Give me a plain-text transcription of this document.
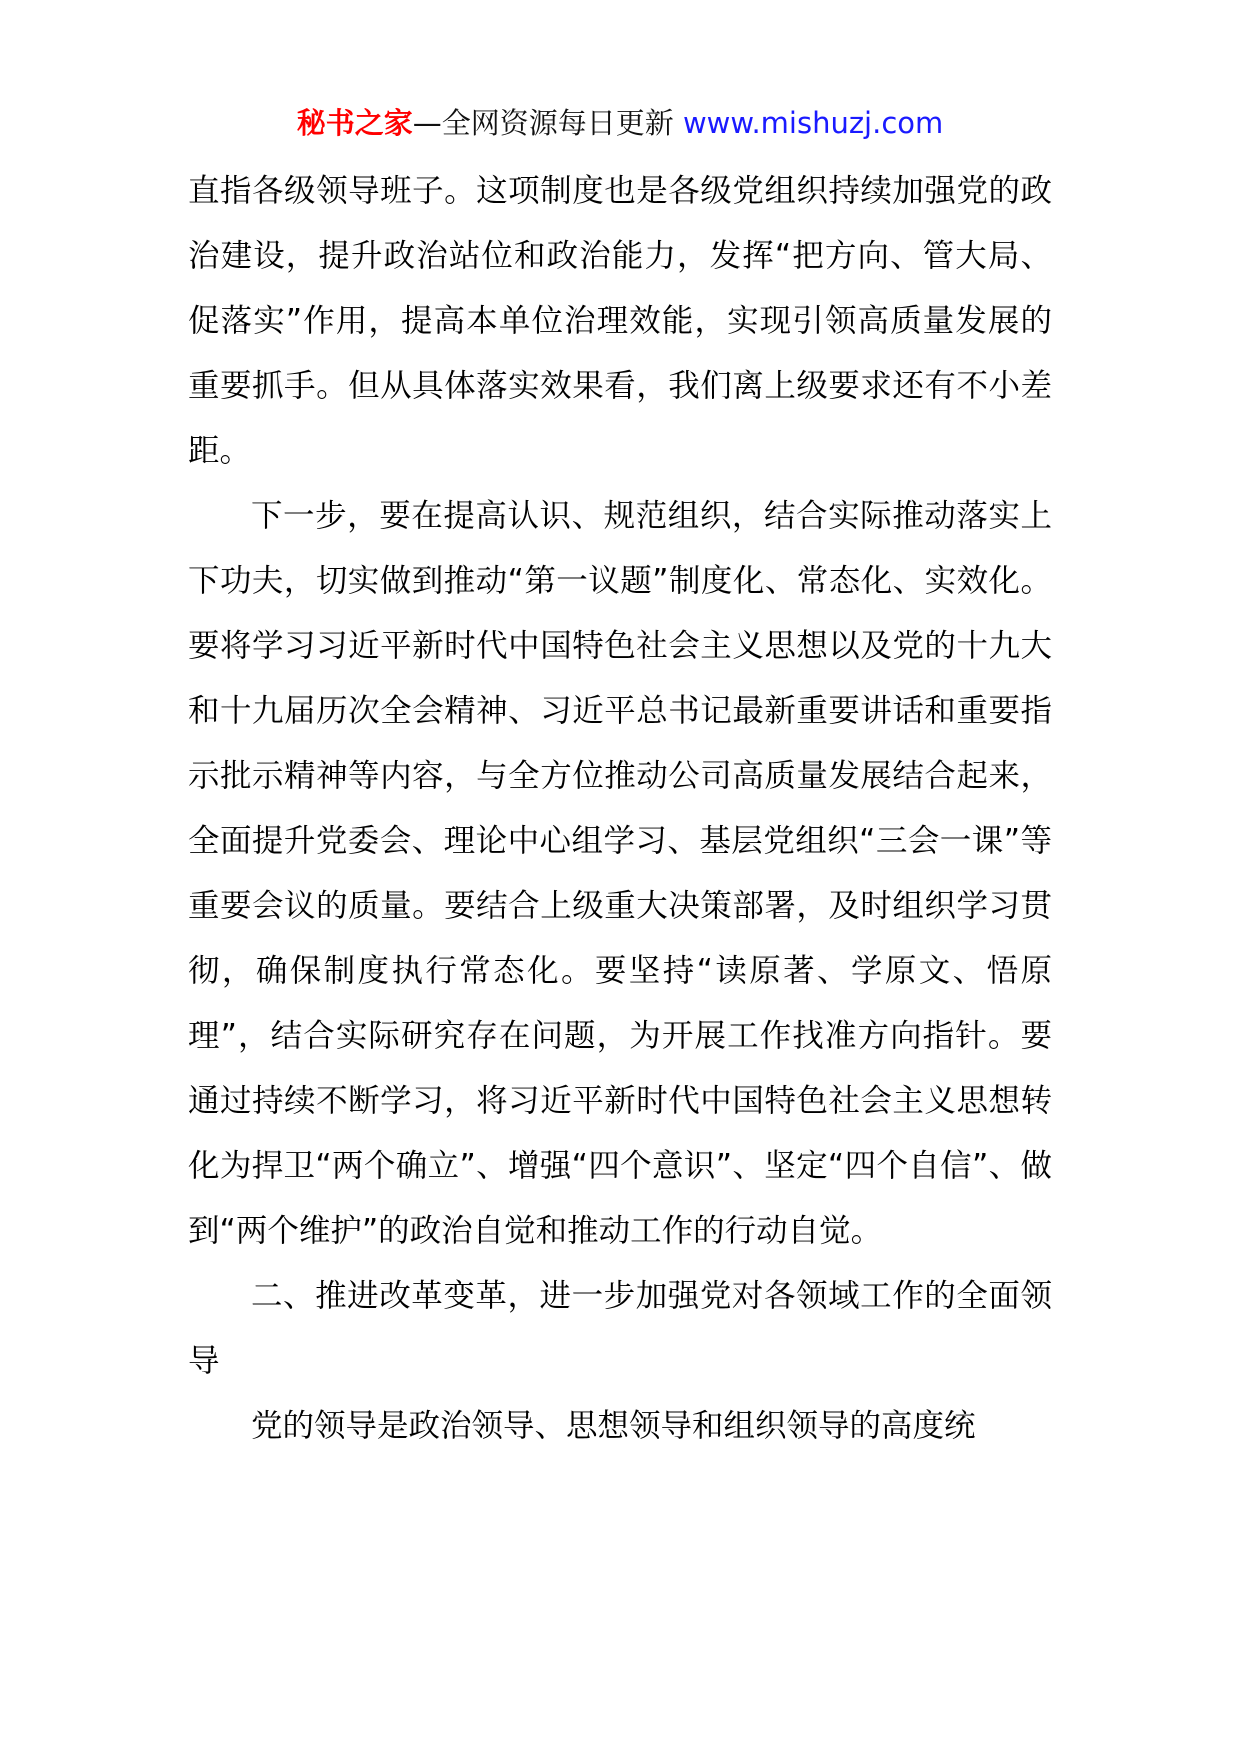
秘书之家—全网资源每日更新 www.mishuzj.com

直指各级领导班子。这项制度也是各级党组织持续加强党的政治建设，提升政治站位和政治能力，发挥“把方向、管大局、促落实”作用，提高本单位治理效能，实现引领高质量发展的重要抓手。但从具体落实效果看，我们离上级要求还有不小差距。

下一步，要在提高认识、规范组织，结合实际推动落实上下功夫，切实做到推动“第一议题”制度化、常态化、实效化。要将学习习近平新时代中国特色社会主义思想以及党的十九大和十九届历次全会精神、习近平总书记最新重要讲话和重要指示批示精神等内容，与全方位推动公司高质量发展结合起来，全面提升党委会、理论中心组学习、基层党组织“三会一课”等重要会议的质量。要结合上级重大决策部署，及时组织学习贯彻，确保制度执行常态化。要坚持“读原著、学原文、悟原理”，结合实际研究存在问题，为开展工作找准方向指针。要通过持续不断学习，将习近平新时代中国特色社会主义思想转化为捍卫“两个确立”、增强“四个意识”、坚定“四个自信”、做到“两个维护”的政治自觉和推动工作的行动自觉。

二、推进改革变革，进一步加强党对各领域工作的全面领导

党的领导是政治领导、思想领导和组织领导的高度统
